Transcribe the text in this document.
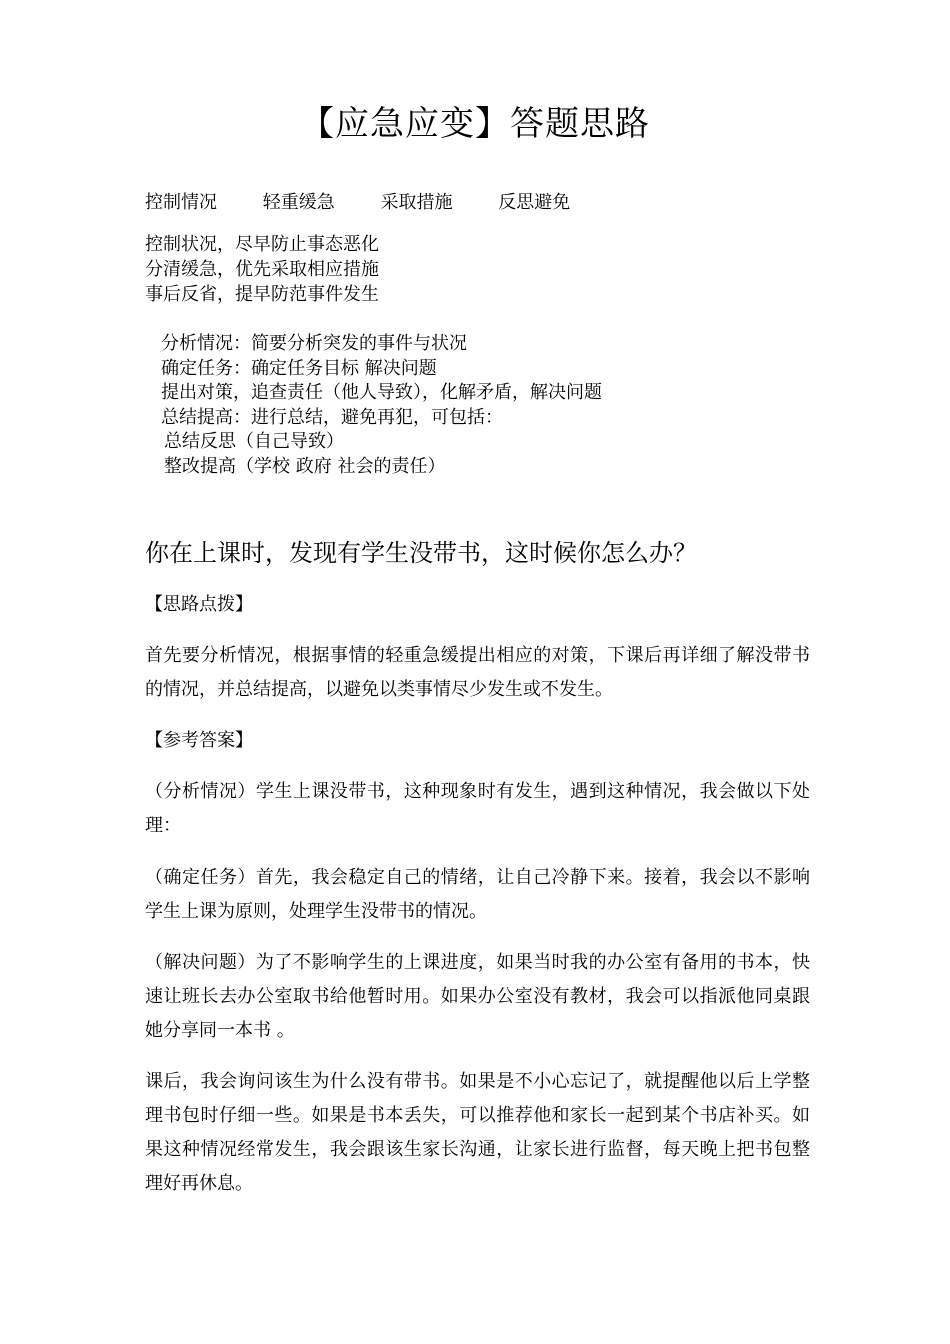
【应急应变】答题思路
控制情况	轻重缓急	采取措施	反思避免
控制状况，尽早防止事态恶化
分清缓急，优先采取相应措施
事后反省，提早防范事件发生
分析情况：简要分析突发的事件与状况
确定任务：确定任务目标 解决问题
提出对策，追查责任（他人导致），化解矛盾，解决问题
总结提高：进行总结，避免再犯，可包括：
总结反思（自己导致）
整改提高（学校 政府 社会的责任）
你在上课时，发现有学生没带书，这时候你怎么办？
【思路点拨】
首先要分析情况，根据事情的轻重急缓提出相应的对策，下课后再详细了解没带书的情况，并总结提高，以避免以类事情尽少发生或不发生。
【参考答案】
（分析情况）学生上课没带书，这种现象时有发生，遇到这种情况，我会做以下处理：
（确定任务）首先，我会稳定自己的情绪，让自己冷静下来。接着，我会以不影响学生上课为原则，处理学生没带书的情况。
（解决问题）为了不影响学生的上课进度，如果当时我的办公室有备用的书本，快速让班长去办公室取书给他暂时用。如果办公室没有教材，我会可以指派他同桌跟她分享同一本书 。
课后，我会询问该生为什么没有带书。如果是不小心忘记了，就提醒他以后上学整理书包时仔细一些。如果是书本丢失，可以推荐他和家长一起到某个书店补买。如果这种情况经常发生，我会跟该生家长沟通，让家长进行监督，每天晚上把书包整理好再休息。
